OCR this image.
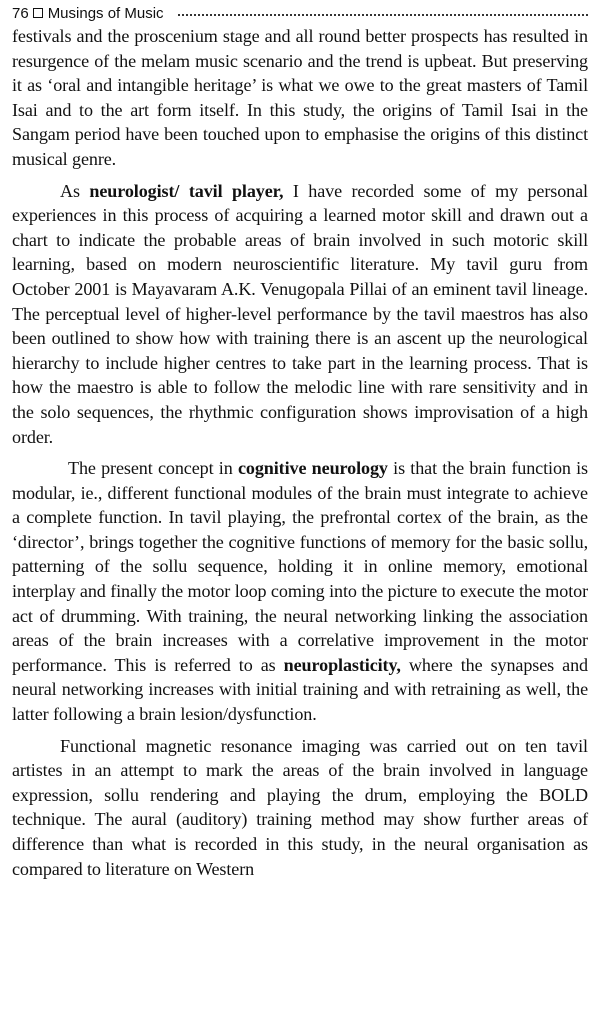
76 Musings of Music

festivals and the proscenium stage and all round better prospects has resulted in resurgence of the melam music scenario and the trend is upbeat. But preserving it as ‘oral and intangible heritage’ is what we owe to the great masters of Tamil Isai and to the art form itself. In this study, the origins of Tamil Isai in the Sangam period have been touched upon to emphasise the origins of this distinct musical genre.

As neurologist/ tavil player, I have recorded some of my personal experiences in this process of acquiring a learned motor skill and drawn out a chart to indicate the probable areas of brain involved in such motoric skill learning, based on modern neuroscientific literature. My tavil guru from October 2001 is Mayavaram A.K. Venugopala Pillai of an eminent tavil lineage. The perceptual level of higher-level performance by the tavil maestros has also been outlined to show how with training there is an ascent up the neurological hierarchy to include higher centres to take part in the learning process. That is how the maestro is able to follow the melodic line with rare sensitivity and in the solo sequences, the rhythmic configuration shows improvisation of a high order.

The present concept in cognitive neurology is that the brain function is modular, ie., different functional modules of the brain must integrate to achieve a complete function. In tavil playing, the prefrontal cortex of the brain, as the ‘director’, brings together the cognitive functions of memory for the basic sollu, patterning of the sollu sequence, holding it in online memory, emotional interplay and finally the motor loop coming into the picture to execute the motor act of drumming. With training, the neural networking linking the association areas of the brain increases with a correlative improvement in the motor performance. This is referred to as neuroplasticity, where the synapses and neural networking increases with initial training and with retraining as well, the latter following a brain lesion/dysfunction.

Functional magnetic resonance imaging was carried out on ten tavil artistes in an attempt to mark the areas of the brain involved in language expression, sollu rendering and playing the drum, employing the BOLD technique. The aural (auditory) training method may show further areas of difference than what is recorded in this study, in the neural organisation as compared to literature on Western
